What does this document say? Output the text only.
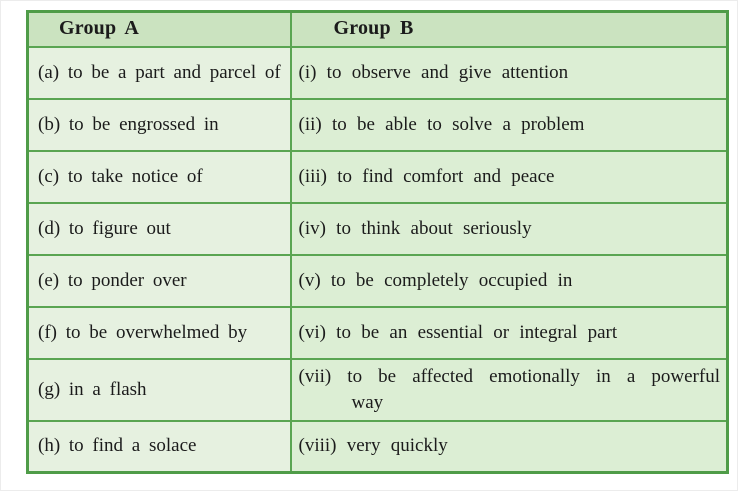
Group A	Group B
(a) to be a part and parcel of	(i) to observe and give attention
(b) to be engrossed in	(ii) to be able to solve a problem
(c) to take notice of	(iii) to find comfort and peace
(d) to figure out	(iv) to think about seriously
(e) to ponder over	(v) to be completely occupied in
(f) to be overwhelmed by	(vi) to be an essential or integral part
(g) in a flash	(vii) to be affected emotionally in a powerful way
(h) to find a solace	(viii) very quickly
